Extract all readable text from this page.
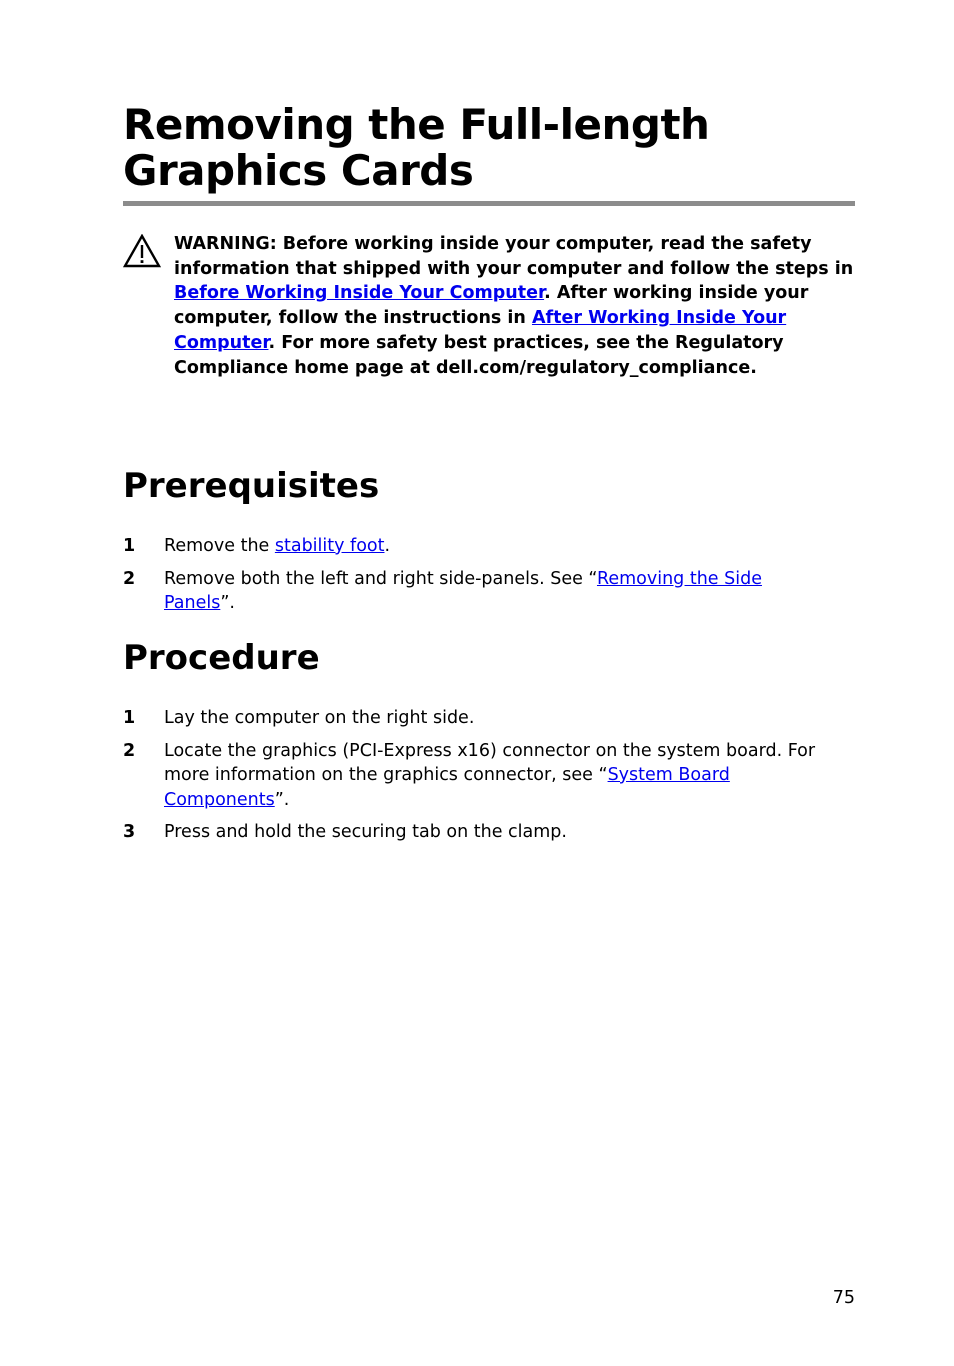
Removing the Full-length Graphics Cards
WARNING: Before working inside your computer, read the safety information that shipped with your computer and follow the steps in Before Working Inside Your Computer. After working inside your computer, follow the instructions in After Working Inside Your Computer. For more safety best practices, see the Regulatory Compliance home page at dell.com/regulatory_compliance.
Prerequisites
1 Remove the stability foot.
2 Remove both the left and right side-panels. See “Removing the Side Panels”.
Procedure
1 Lay the computer on the right side.
2 Locate the graphics (PCI-Express x16) connector on the system board. For more information on the graphics connector, see “System Board Components”.
3 Press and hold the securing tab on the clamp.
75
